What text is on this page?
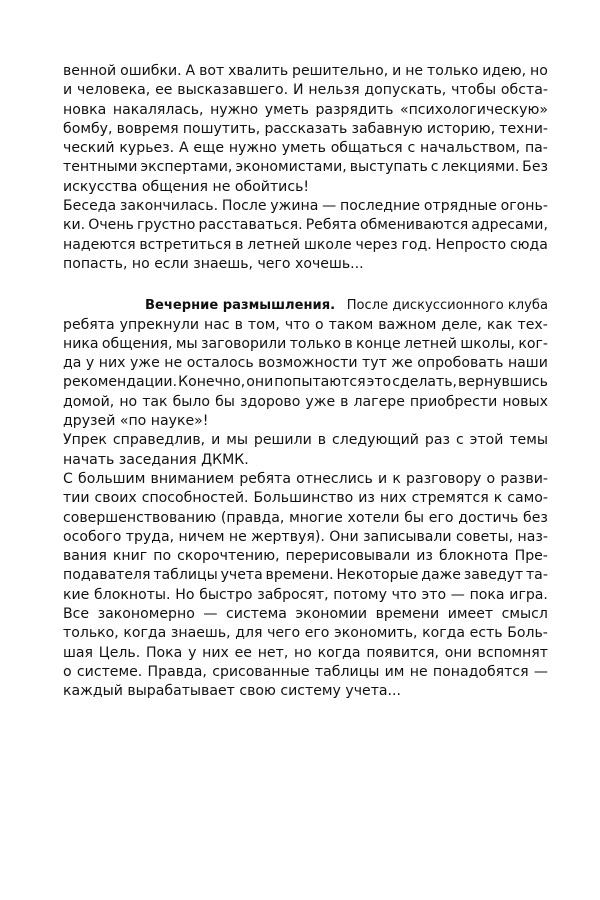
венной ошибки. А вот хвалить решительно, и не только идею, но
и человека, ее высказавшего. И нельзя допускать, чтобы обста-
новка накалялась, нужно уметь разрядить «психологическую»
бомбу, вовремя пошутить, рассказать забавную историю, техни-
ческий курьез. А еще нужно уметь общаться с начальством, па-
тентными экспертами, экономистами, выступать с лекциями. Без
искусства общения не обойтись!
Беседа закончилась. После ужина — последние отрядные огонь-
ки. Очень грустно расставаться. Ребята обмениваются адресами,
надеются встретиться в летней школе через год. Непросто сюда
попасть, но если знаешь, чего хочешь...
Вечерние размышления. После дискуссионного клуба
ребята упрекнули нас в том, что о таком важном деле, как тех-
ника общения, мы заговорили только в конце летней школы, ког-
да у них уже не осталось возможности тут же опробовать наши
рекомендации. Конечно, они попытаются это сделать, вернувшись
домой, но так было бы здорово уже в лагере приобрести новых
друзей «по науке»!
Упрек справедлив, и мы решили в следующий раз с этой темы
начать заседания ДКМК.
С большим вниманием ребята отнеслись и к разговору о разви-
тии своих способностей. Большинство из них стремятся к само-
совершенствованию (правда, многие хотели бы его достичь без
особого труда, ничем не жертвуя). Они записывали советы, наз-
вания книг по скорочтению, перерисовывали из блокнота Пре-
подавателя таблицы учета времени. Некоторые даже заведут та-
кие блокноты. Но быстро забросят, потому что это — пока игра.
Все закономерно — система экономии времени имеет смысл
только, когда знаешь, для чего его экономить, когда есть Боль-
шая Цель. Пока у них ее нет, но когда появится, они вспомнят
о системе. Правда, срисованные таблицы им не понадобятся —
каждый вырабатывает свою систему учета...
